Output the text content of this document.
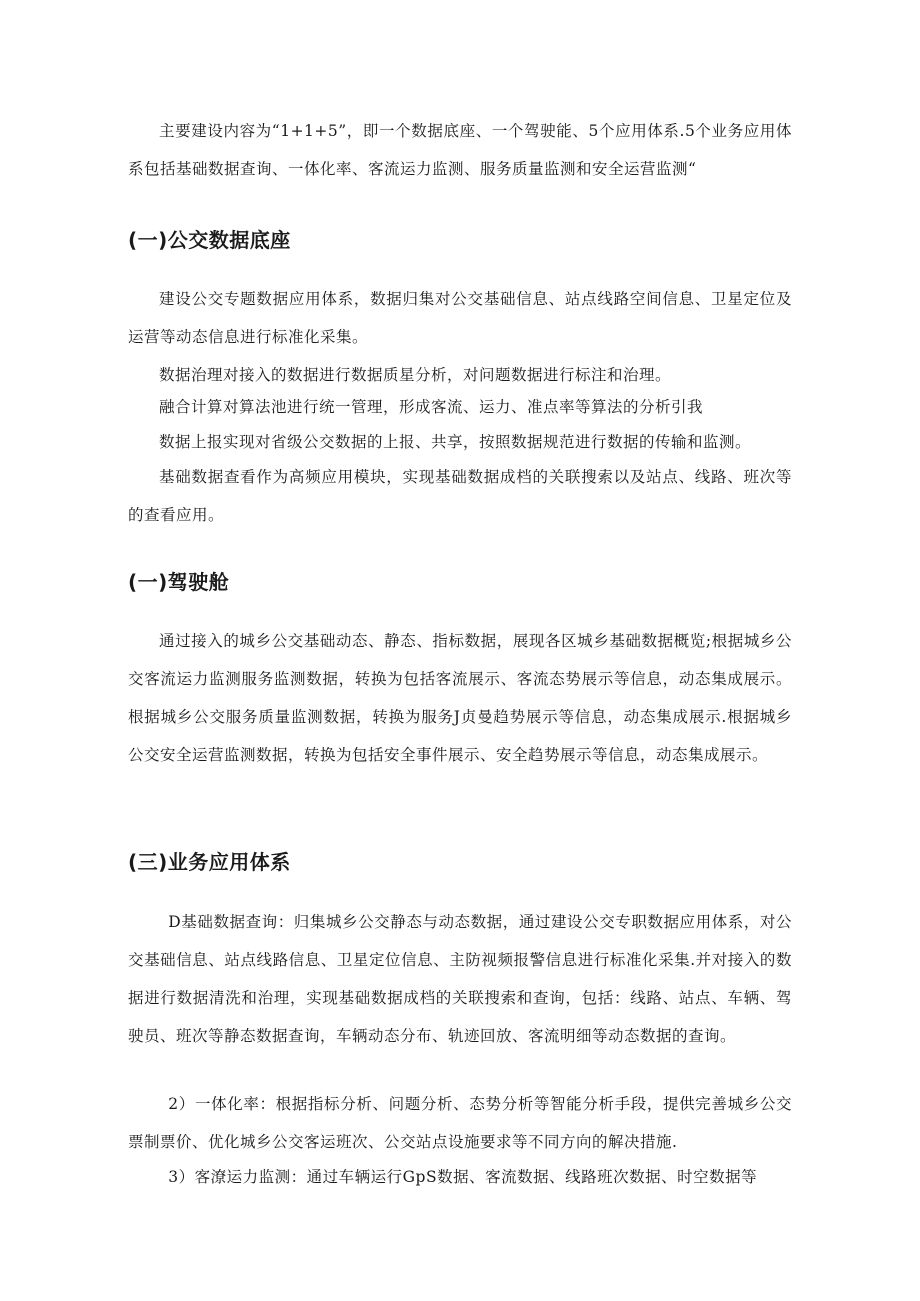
主要建设内容为“1+1+5”，即一个数据底座、一个驾驶能、5个应用体系.5个业务应用体系包括基础数据查询、一体化率、客流运力监测、服务质量监测和安全运营监测“

(一)公交数据底座

建设公交专题数据应用体系，数据归集对公交基础信息、站点线路空间信息、卫星定位及运营等动态信息进行标准化采集。

数据治理对接入的数据进行数据质星分析，对问题数据进行标注和治理。

融合计算对算法池进行统一管理，形成客流、运力、准点率等算法的分析引我

数据上报实现对省级公交数据的上报、共享，按照数据规范进行数据的传输和监测。

基础数据查看作为高频应用模块，实现基础数据成档的关联搜索以及站点、线路、班次等的查看应用。

(一)驾驶舱

通过接入的城乡公交基础动态、静态、指标数据，展现各区城乡基础数据概览;根据城乡公交客流运力监测服务监测数据，转换为包括客流展示、客流态势展示等信息，动态集成展示。根据城乡公交服务质量监测数据，转换为服务J贞曼趋势展示等信息，动态集成展示.根据城乡公交安全运营监测数据，转换为包括安全事件展示、安全趋势展示等信息，动态集成展示。

(三)业务应用体系

D基础数据查询：归集城乡公交静态与动态数据，通过建设公交专职数据应用体系，对公交基础信息、站点线路信息、卫星定位信息、主防视频报警信息进行标准化采集.并对接入的数据进行数据清洗和治理，实现基础数据成档的关联搜索和查询，包括：线路、站点、车辆、驾驶员、班次等静态数据查询，车辆动态分布、轨迹回放、客流明细等动态数据的查询。

2）一体化率：根据指标分析、问题分析、态势分析等智能分析手段，提供完善城乡公交票制票价、优化城乡公交客运班次、公交站点设施要求等不同方向的解决措施.

3）客潦运力监测：通过车辆运行GpS数据、客流数据、线路班次数据、时空数据等
